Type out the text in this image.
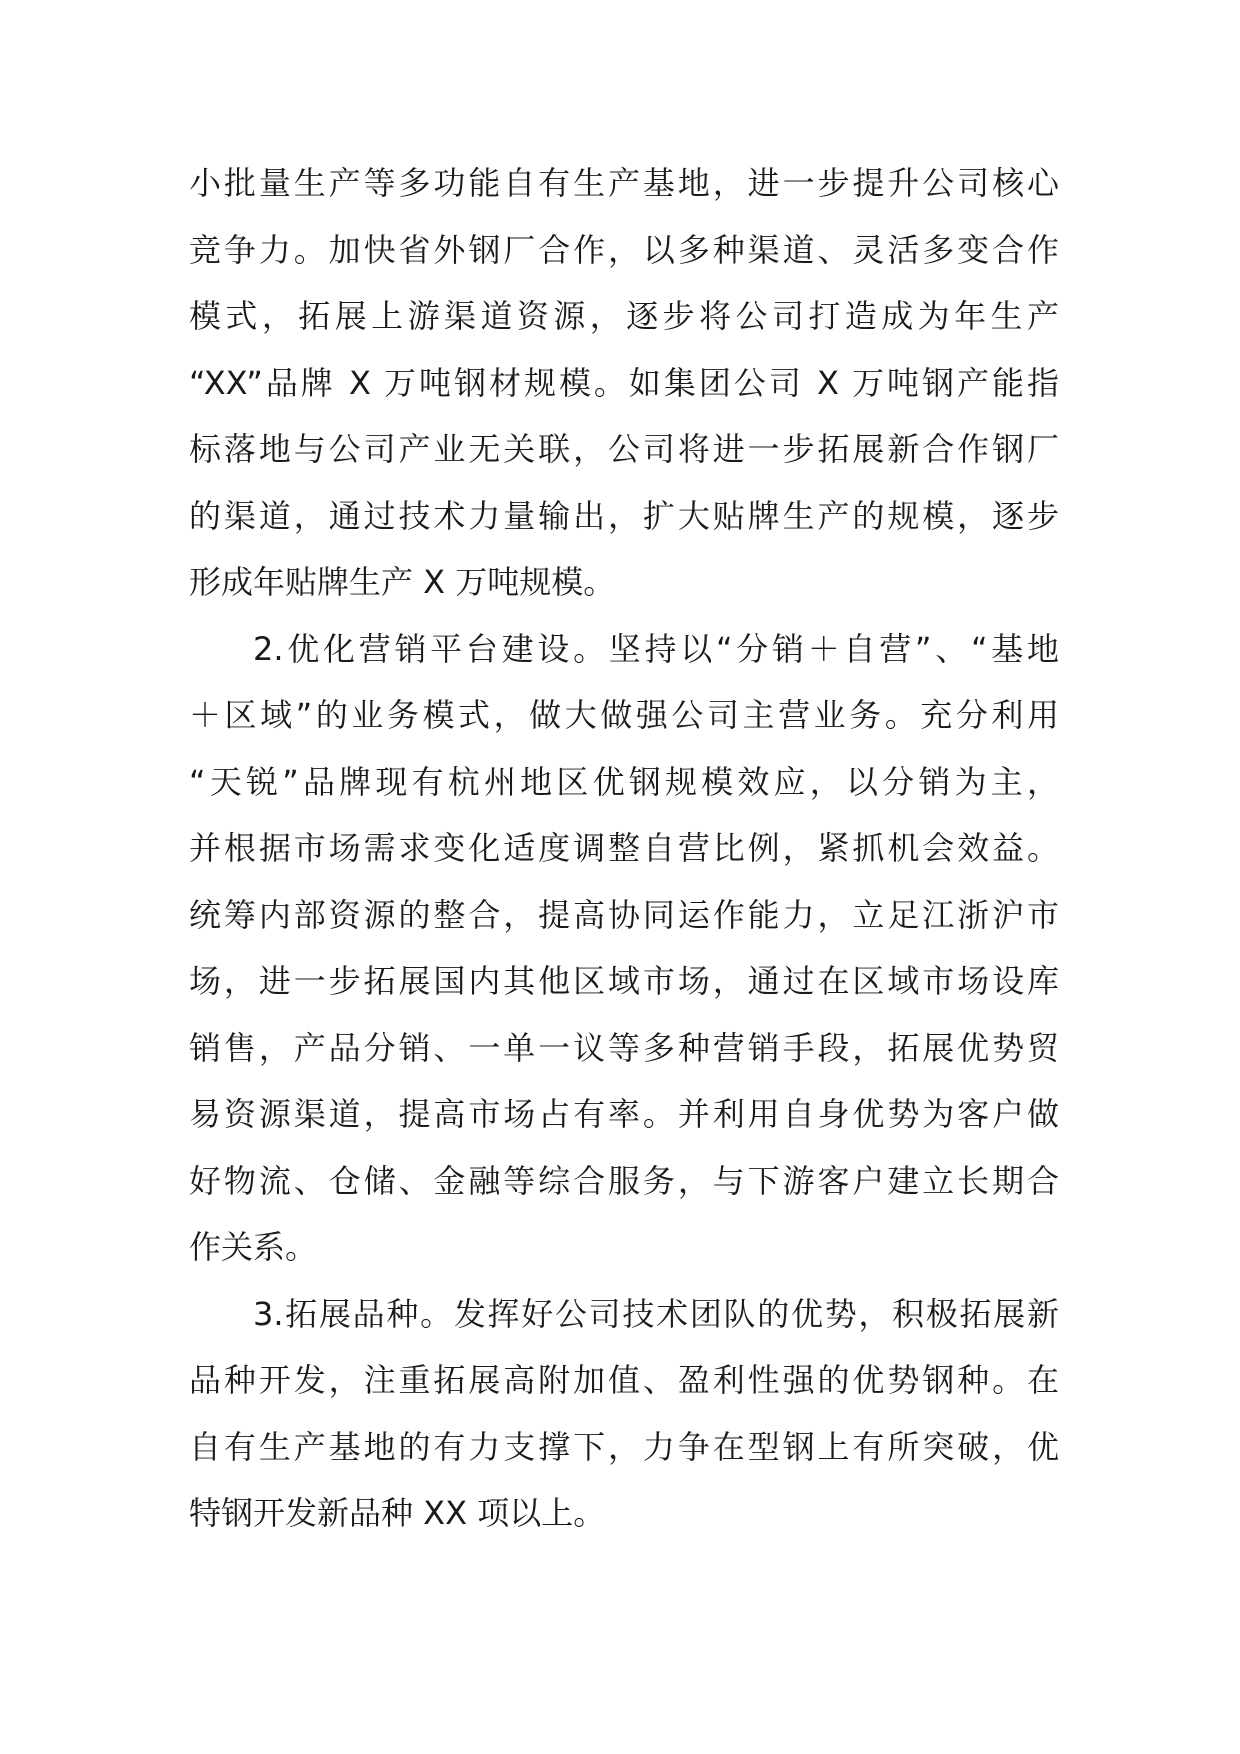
小批量生产等多功能自有生产基地，进一步提升公司核心
竞争力。加快省外钢厂合作，以多种渠道、灵活多变合作
模式，拓展上游渠道资源，逐步将公司打造成为年生产
“XX”品牌 X 万吨钢材规模。如集团公司 X 万吨钢产能指
标落地与公司产业无关联，公司将进一步拓展新合作钢厂
的渠道，通过技术力量输出，扩大贴牌生产的规模，逐步
形成年贴牌生产 X 万吨规模。
2.优化营销平台建设。坚持以“分销＋自营”、“基地
＋区域”的业务模式，做大做强公司主营业务。充分利用
“天锐”品牌现有杭州地区优钢规模效应，以分销为主，
并根据市场需求变化适度调整自营比例，紧抓机会效益。
统筹内部资源的整合，提高协同运作能力，立足江浙沪市
场，进一步拓展国内其他区域市场，通过在区域市场设库
销售，产品分销、一单一议等多种营销手段，拓展优势贸
易资源渠道，提高市场占有率。并利用自身优势为客户做
好物流、仓储、金融等综合服务，与下游客户建立长期合
作关系。
3.拓展品种。发挥好公司技术团队的优势，积极拓展新
品种开发，注重拓展高附加值、盈利性强的优势钢种。在
自有生产基地的有力支撑下，力争在型钢上有所突破，优
特钢开发新品种 XX 项以上。
